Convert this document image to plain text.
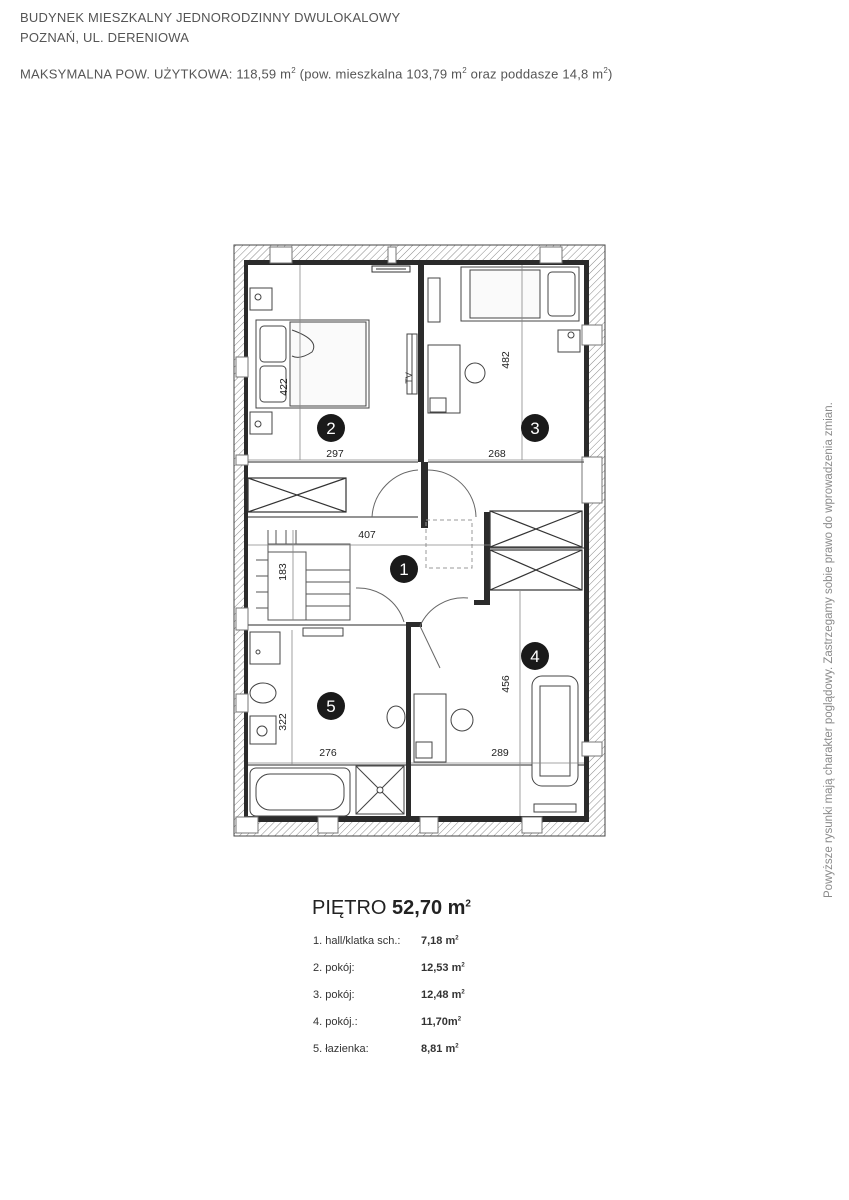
BUDYNEK MIESZKALNY JEDNORODZINNY DWULOKALOWY
POZNAŃ, UL. DERENIOWA
MAKSYMALNA POW. UŻYTKOWA: 118,59 $m^2$ (pow. mieszkalna 103,79 $m^2$ oraz poddasze 14,8 $m^2$)
TV
297	268
407
276	289
422
482
183
456
322
1
2	3
4
5	Powyższe rysunki mają charakter poglądowy. Zastrzegamy sobie prawo do wprowadzenia zmian.
PIĘTRO 52,70 $m^2$
1. hall/klatka sch.: 7,18 $m^2$
2. pokój:	12,53 $m^2$
3. pokój:	12,48 $m^2$
4. pokój.:	$11,70m^2$
5. łazienka:	8,81 $m^2$
